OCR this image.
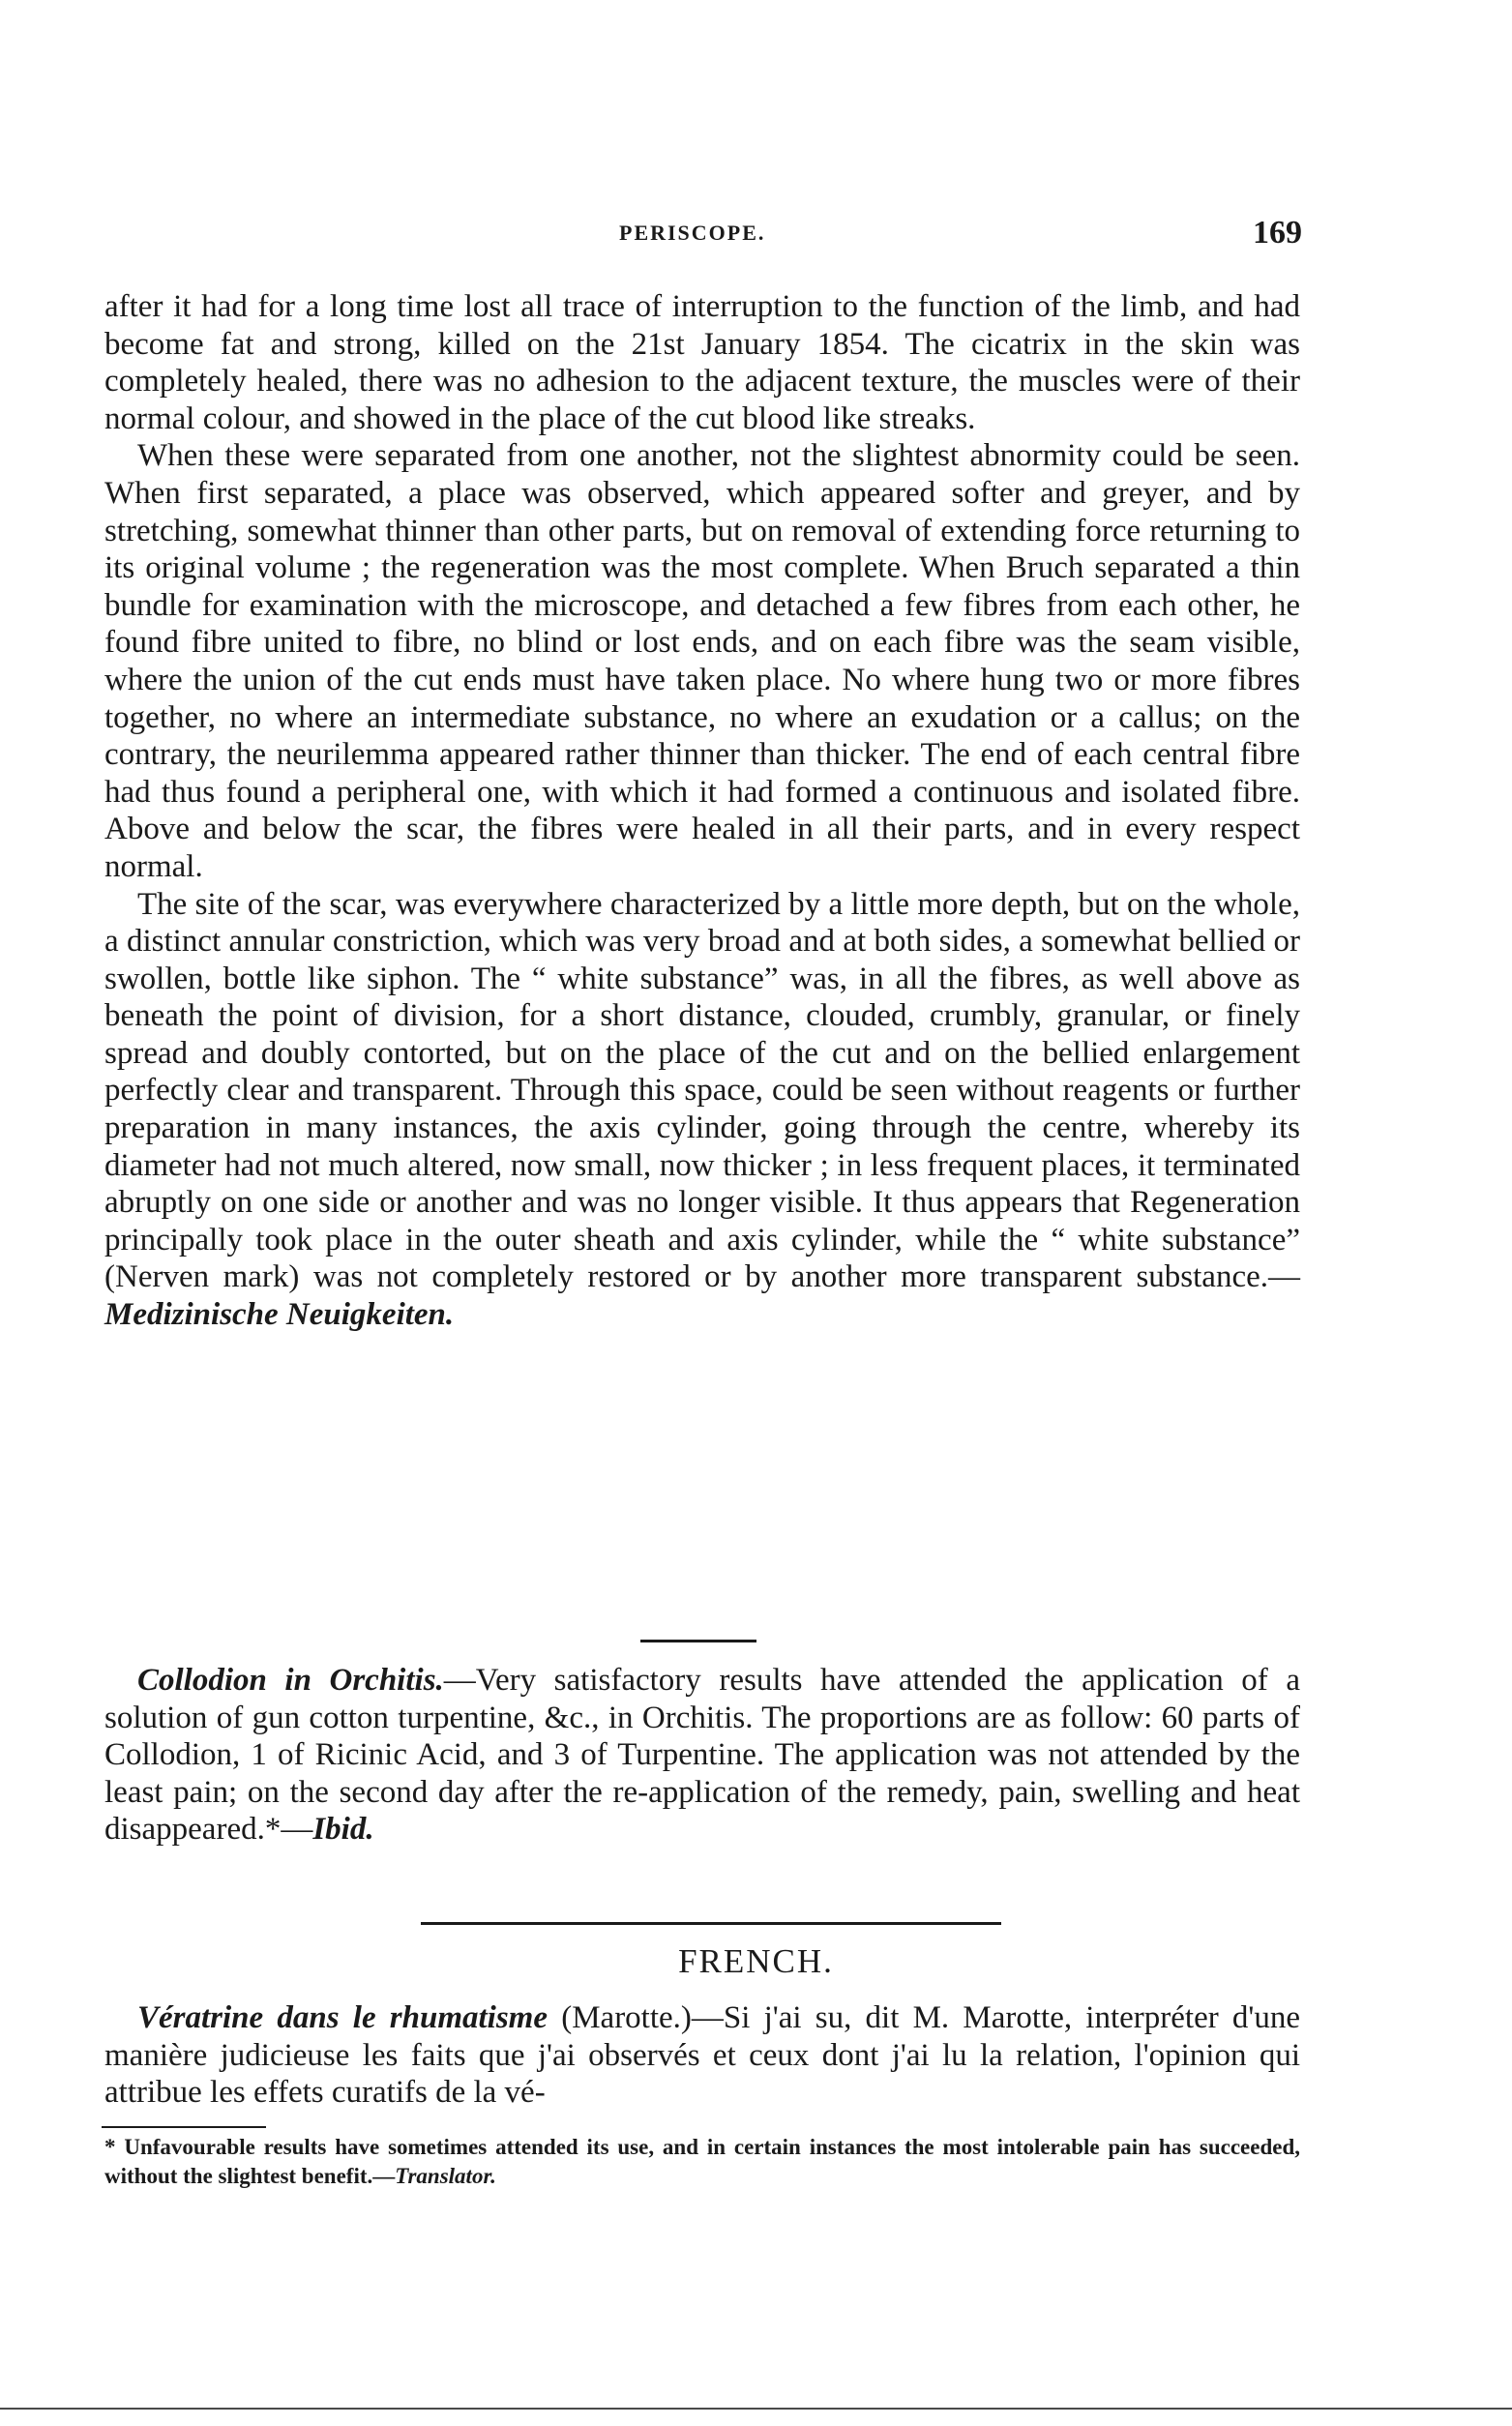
PERISCOPE.	169

after it had for a long time lost all trace of interruption to the function of the limb, and had become fat and strong, killed on the 21st January 1854. The cicatrix in the skin was completely healed, there was no adhesion to the adjacent texture, the muscles were of their normal colour, and showed in the place of the cut blood like streaks.

When these were separated from one another, not the slightest abnormity could be seen. When first separated, a place was observed, which appeared softer and greyer, and by stretching, somewhat thinner than other parts, but on removal of extending force returning to its original volume ; the regeneration was the most complete. When Bruch separated a thin bundle for examination with the microscope, and detached a few fibres from each other, he found fibre united to fibre, no blind or lost ends, and on each fibre was the seam visible, where the union of the cut ends must have taken place. No where hung two or more fibres together, no where an intermediate substance, no where an exudation or a callus; on the contrary, the neurilemma appeared rather thinner than thicker. The end of each central fibre had thus found a peripheral one, with which it had formed a continuous and isolated fibre. Above and below the scar, the fibres were healed in all their parts, and in every respect normal.

The site of the scar, was everywhere characterized by a little more depth, but on the whole, a distinct annular constriction, which was very broad and at both sides, a somewhat bellied or swollen, bottle like siphon. The “ white substance” was, in all the fibres, as well above as beneath the point of division, for a short distance, clouded, crumbly, granular, or finely spread and doubly contorted, but on the place of the cut and on the bellied enlargement perfectly clear and transparent. Through this space, could be seen without reagents or further preparation in many instances, the axis cylinder, going through the centre, whereby its diameter had not much altered, now small, now thicker ; in less frequent places, it terminated abruptly on one side or another and was no longer visible. It thus appears that Regeneration principally took place in the outer sheath and axis cylinder, while the “ white substance” (Nerven mark) was not completely restored or by another more transparent substance.—Medizinische Neuigkeiten.

Collodion in Orchitis.—Very satisfactory results have attended the application of a solution of gun cotton turpentine, &c., in Orchitis. The proportions are as follow: 60 parts of Collodion, 1 of Ricinic Acid, and 3 of Turpentine. The application was not attended by the least pain; on the second day after the re-application of the remedy, pain, swelling and heat disappeared.*—Ibid.

FRENCH.

Vératrine dans le rhumatisme (Marotte.)—Si j'ai su, dit M. Marotte, interpréter d'une manière judicieuse les faits que j'ai observés et ceux dont j'ai lu la relation, l'opinion qui attribue les effets curatifs de la vé-

* Unfavourable results have sometimes attended its use, and in certain instances the most intolerable pain has succeeded, without the slightest benefit.—Translator.
